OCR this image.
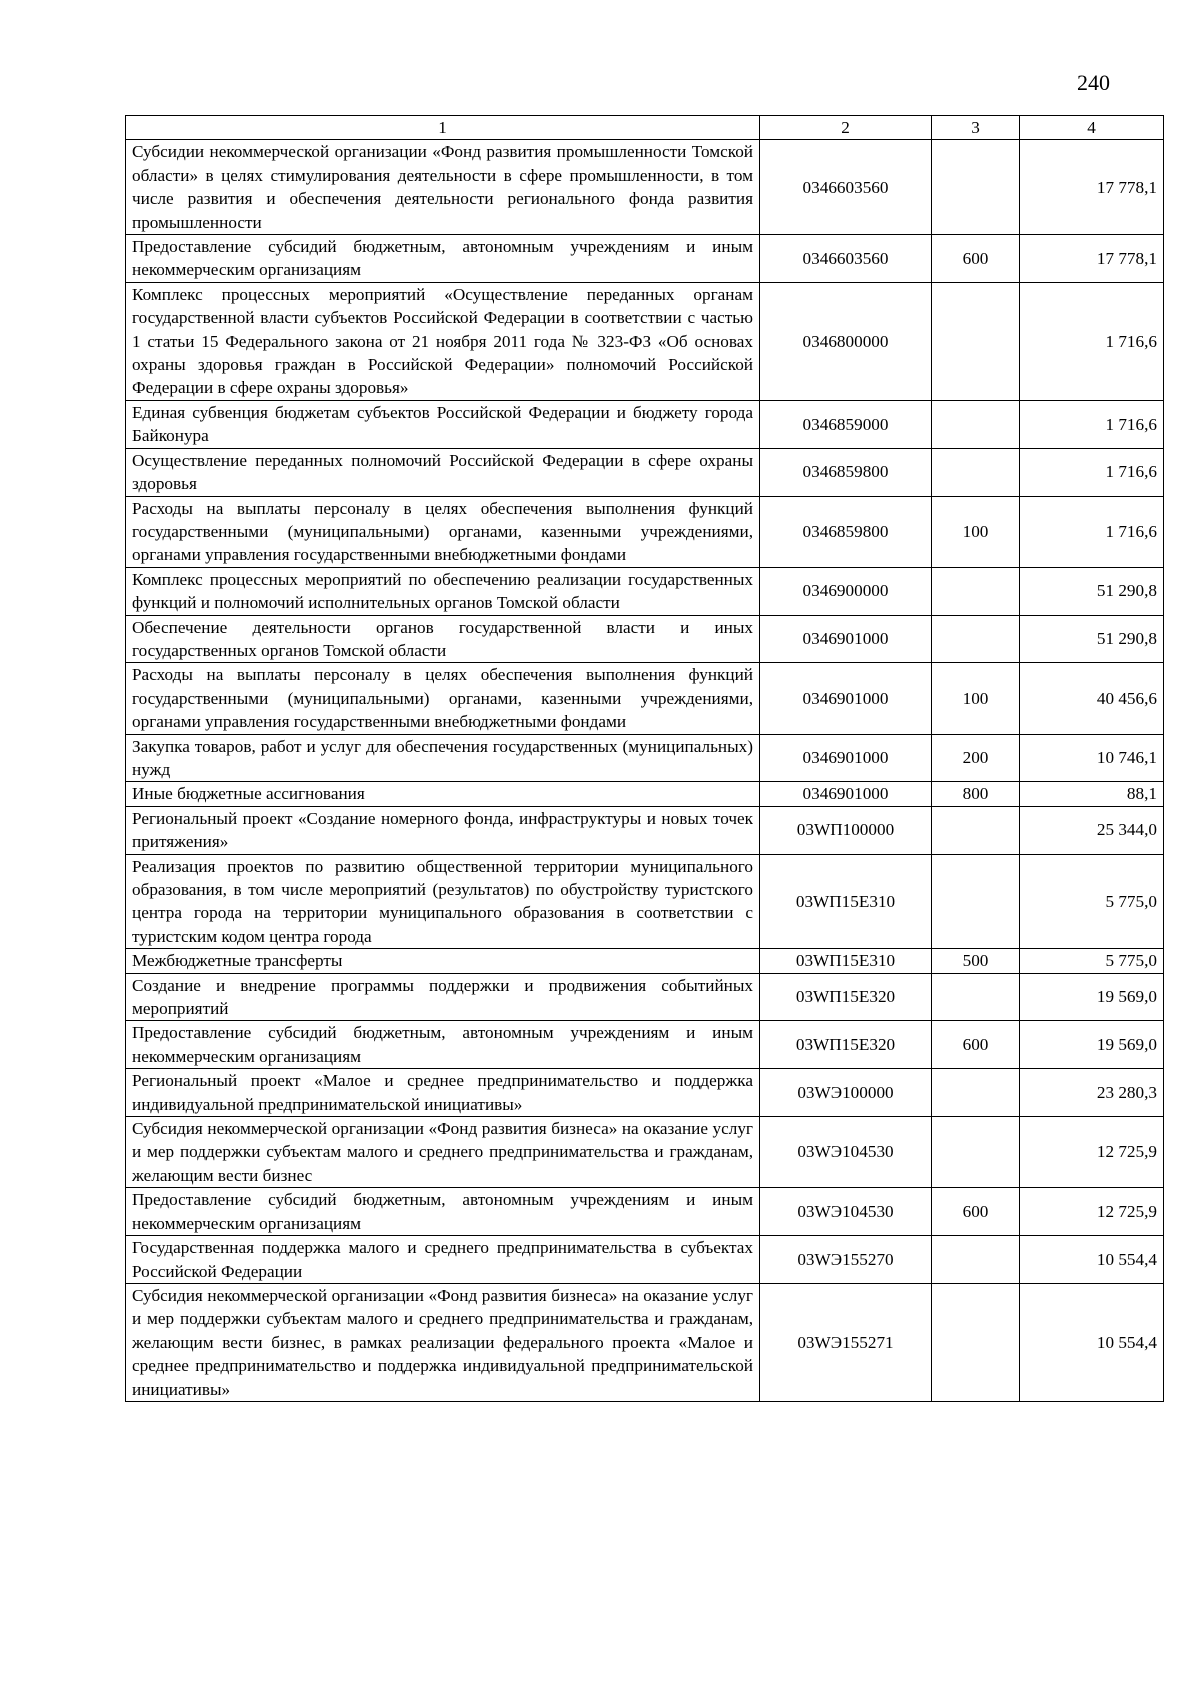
240
1	2	3	4
Субсидии некоммерческой организации «Фонд развития промышленности Томской области» в целях стимулирования деятельности в сфере промышленности, в том числе развития и обеспечения деятельности регионального фонда развития промышленности	0346603560		17 778,1
Предоставление субсидий бюджетным, автономным учреждениям и иным некоммерческим организациям	0346603560	600	17 778,1
Комплекс процессных мероприятий «Осуществление переданных органам государственной власти субъектов Российской Федерации в соответствии с частью 1 статьи 15 Федерального закона от 21 ноября 2011 года № 323-ФЗ «Об основах охраны здоровья граждан в Российской Федерации» полномочий Российской Федерации в сфере охраны здоровья»	0346800000		1 716,6
Единая субвенция бюджетам субъектов Российской Федерации и бюджету города Байконура	0346859000		1 716,6
Осуществление переданных полномочий Российской Федерации в сфере охраны здоровья	0346859800		1 716,6
Расходы на выплаты персоналу в целях обеспечения выполнения функций государственными (муниципальными) органами, казенными учреждениями, органами управления государственными внебюджетными фондами	0346859800	100	1 716,6
Комплекс процессных мероприятий по обеспечению реализации государственных функций и полномочий исполнительных органов Томской области	0346900000		51 290,8
Обеспечение деятельности органов государственной власти и иных государственных органов Томской области	0346901000		51 290,8
Расходы на выплаты персоналу в целях обеспечения выполнения функций государственными (муниципальными) органами, казенными учреждениями, органами управления государственными внебюджетными фондами	0346901000	100	40 456,6
Закупка товаров, работ и услуг для обеспечения государственных (муниципальных) нужд	0346901000	200	10 746,1
Иные бюджетные ассигнования	0346901000	800	88,1
Региональный проект «Создание номерного фонда, инфраструктуры и новых точек притяжения»	03WП100000		25 344,0
Реализация проектов по развитию общественной территории муниципального образования, в том числе мероприятий (результатов) по обустройству туристского центра города на территории муниципального образования в соответствии с туристским кодом центра города	03WП15Е310		5 775,0
Межбюджетные трансферты	03WП15Е310	500	5 775,0
Создание и внедрение программы поддержки и продвижения событийных мероприятий	03WП15Е320		19 569,0
Предоставление субсидий бюджетным, автономным учреждениям и иным некоммерческим организациям	03WП15Е320	600	19 569,0
Региональный проект «Малое и среднее предпринимательство и поддержка индивидуальной предпринимательской инициативы»	03WЭ100000		23 280,3
Субсидия некоммерческой организации «Фонд развития бизнеса» на оказание услуг и мер поддержки субъектам малого и среднего предпринимательства и гражданам, желающим вести бизнес	03WЭ104530		12 725,9
Предоставление субсидий бюджетным, автономным учреждениям и иным некоммерческим организациям	03WЭ104530	600	12 725,9
Государственная поддержка малого и среднего предпринимательства в субъектах Российской Федерации	03WЭ155270		10 554,4
Субсидия некоммерческой организации «Фонд развития бизнеса» на оказание услуг и мер поддержки субъектам малого и среднего предпринимательства и гражданам, желающим вести бизнес, в рамках реализации федерального проекта «Малое и среднее предпринимательство и поддержка индивидуальной предпринимательской инициативы»	03WЭ155271		10 554,4
